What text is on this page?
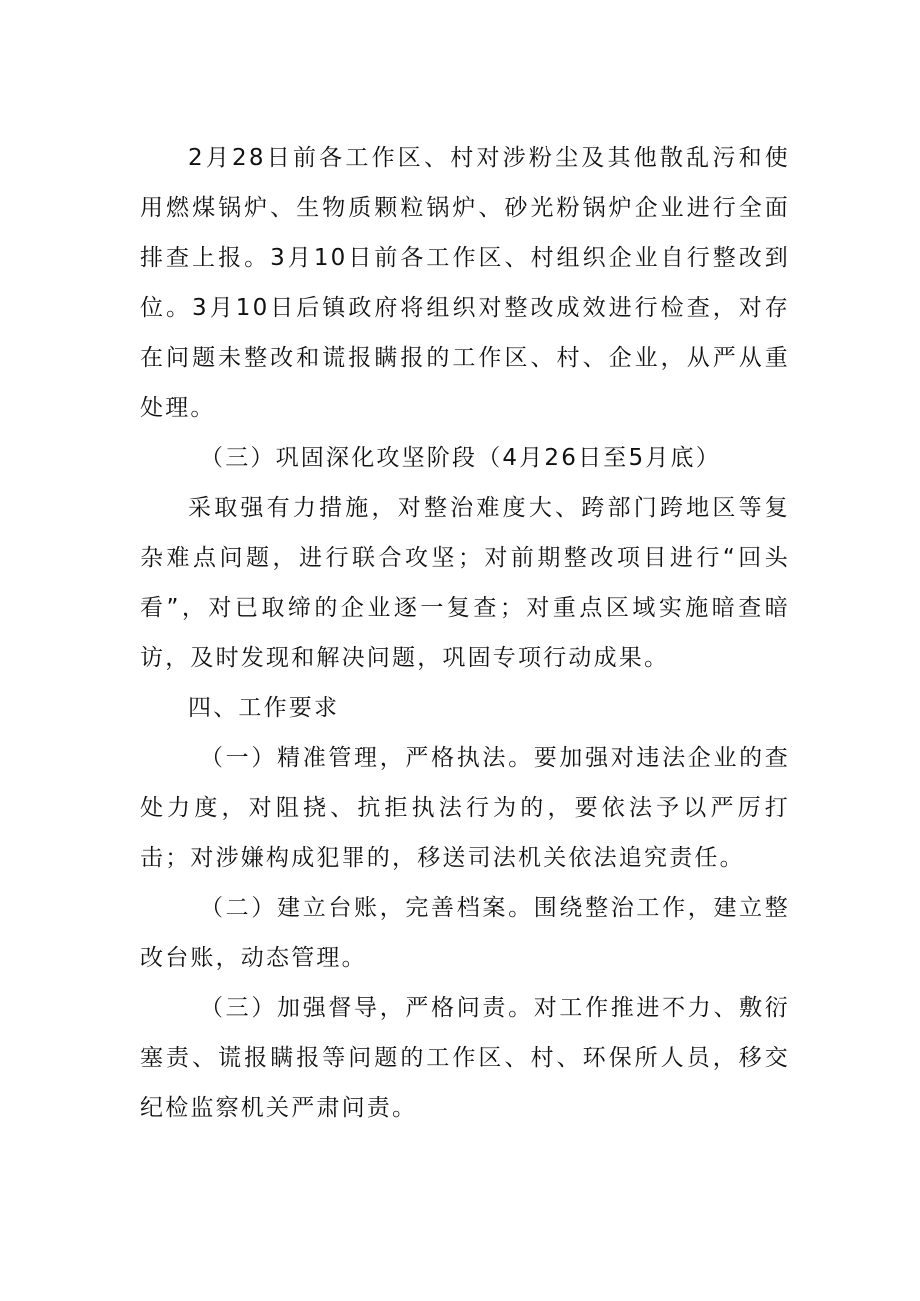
2月28日前各工作区、村对涉粉尘及其他散乱污和使用燃煤锅炉、生物质颗粒锅炉、砂光粉锅炉企业进行全面排查上报。3月10日前各工作区、村组织企业自行整改到位。3月10日后镇政府将组织对整改成效进行检查，对存在问题未整改和谎报瞒报的工作区、村、企业，从严从重处理。

（三）巩固深化攻坚阶段（4月26日至5月底）

采取强有力措施，对整治难度大、跨部门跨地区等复杂难点问题，进行联合攻坚；对前期整改项目进行“回头看”，对已取缔的企业逐一复查；对重点区域实施暗查暗访，及时发现和解决问题，巩固专项行动成果。

四、工作要求

（一）精准管理，严格执法。要加强对违法企业的查处力度，对阻挠、抗拒执法行为的，要依法予以严厉打击；对涉嫌构成犯罪的，移送司法机关依法追究责任。

（二）建立台账，完善档案。围绕整治工作，建立整改台账，动态管理。

（三）加强督导，严格问责。对工作推进不力、敷衍塞责、谎报瞒报等问题的工作区、村、环保所人员，移交纪检监察机关严肃问责。
